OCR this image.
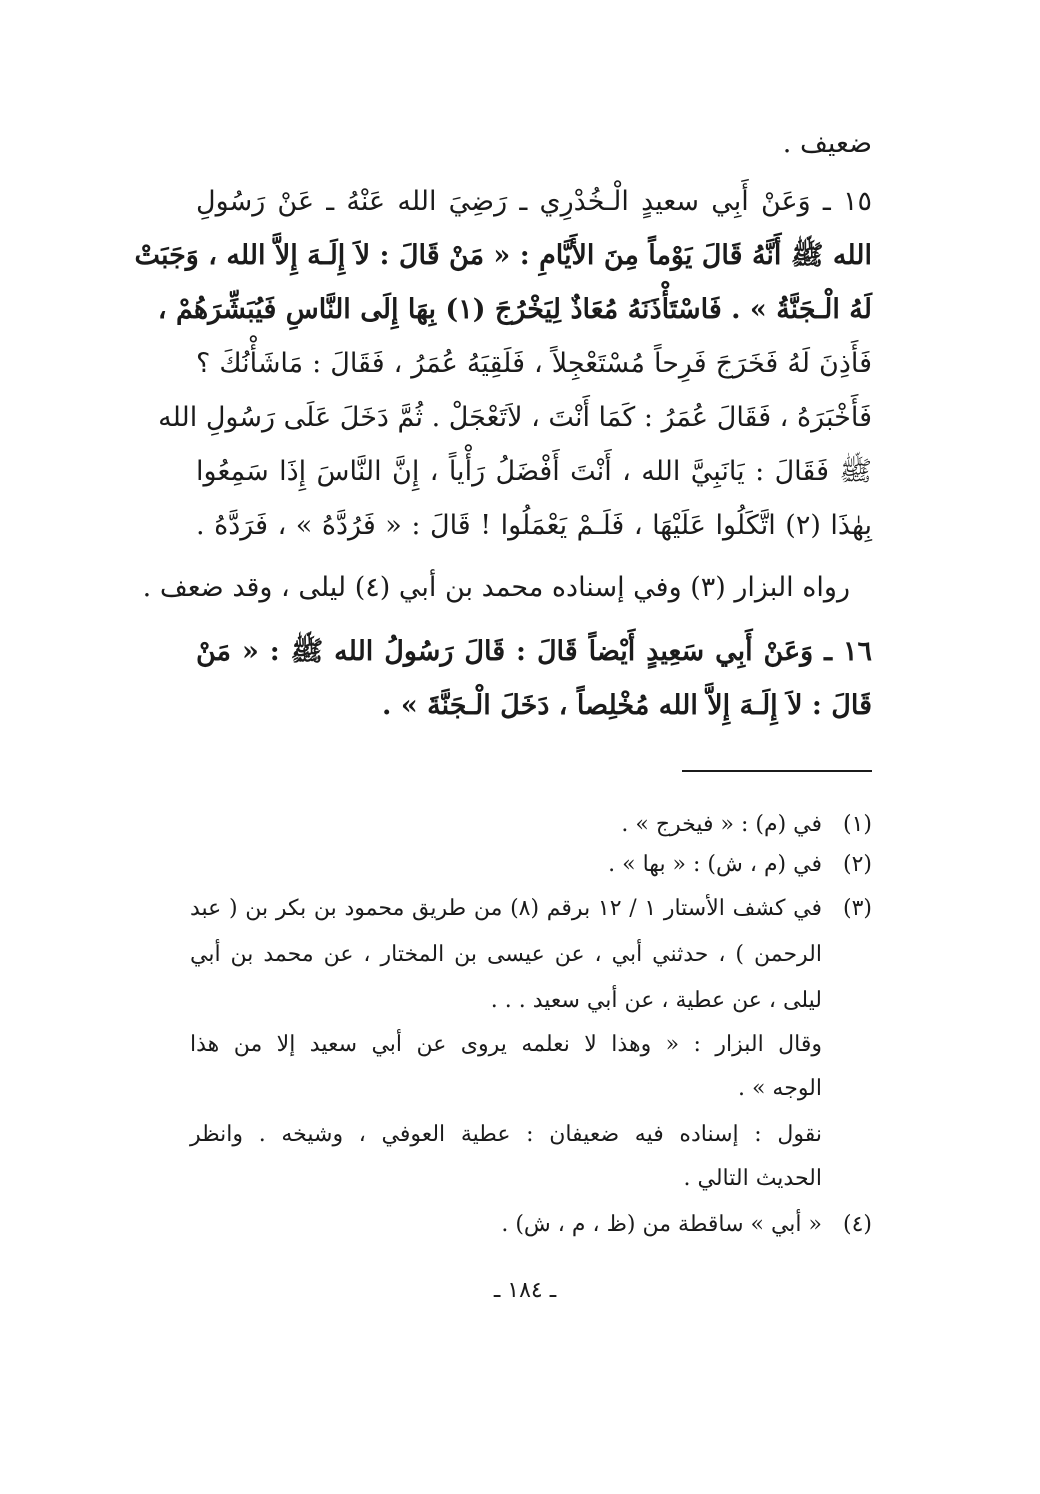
ضعيف .
١٥ ـ وَعَنْ أَبِي سعيدٍ الْـخُدْرِي ـ رَضِيَ الله عَنْهُ ـ عَنْ رَسُولِ
الله ﷺ أَنَّهُ قَالَ يَوْماً مِنَ الأَيَّامِ : « مَنْ قَالَ : لاَ إِلَـهَ إِلاَّ الله ، وَجَبَتْ
لَهُ الْـجَنَّةُ » . فَاسْتَأْذَنَهُ مُعَاذٌ لِيَخْرُجَ (١) بِهَا إِلَى النَّاسِ فَيُبَشِّرَهُمْ ،
فَأَذِنَ لَهُ فَخَرَجَ فَرِحاً مُسْتَعْجِلاً ، فَلَقِيَهُ عُمَرُ ، فَقَالَ : مَاشَأْنُكَ ؟
فَأَخْبَرَهُ ، فَقَالَ عُمَرُ : كَمَا أَنْتَ ، لاَتَعْجَلْ . ثُمَّ دَخَلَ عَلَى رَسُولِ الله
ﷺ فَقَالَ : يَانَبِيَّ الله ، أَنْتَ أَفْضَلُ رَأْياً ، إِنَّ النَّاسَ إِذَا سَمِعُوا
بِهٰذَا (٢) اتَّكَلُوا عَلَيْهَا ، فَلَـمْ يَعْمَلُوا ! قَالَ : « فَرُدَّهُ » ، فَرَدَّهُ .
رواه البزار (٣) وفي إسناده محمد بن أبي (٤) ليلى ، وقد ضعف .
١٦ ـ وَعَنْ أَبِي سَعِيدٍ أَيْضاً قَالَ : قَالَ رَسُولُ الله ﷺ : « مَنْ
قَالَ : لاَ إِلَـهَ إِلاَّ الله مُخْلِصاً ، دَخَلَ الْـجَنَّةَ » .
(١)
في (م) : « فيخرج » .
(٢)
في (م ، ش) : « بها » .
(٣)
في كشف الأستار ١ / ١٢ برقم (٨) من طريق محمود بن بكر بن ( عبد
الرحمن ) ، حدثني أبي ، عن عيسى بن المختار ، عن محمد بن أبي
ليلى ، عن عطية ، عن أبي سعيد . . .
وقال البزار : « وهذا لا نعلمه يروى عن أبي سعيد إلا من هذا
الوجه » .
نقول : إسناده فيه ضعيفان : عطية العوفي ، وشيخه . وانظر
الحديث التالي .
(٤)
« أبي » ساقطة من (ظ ، م ، ش) .
ـ ١٨٤ ـ
